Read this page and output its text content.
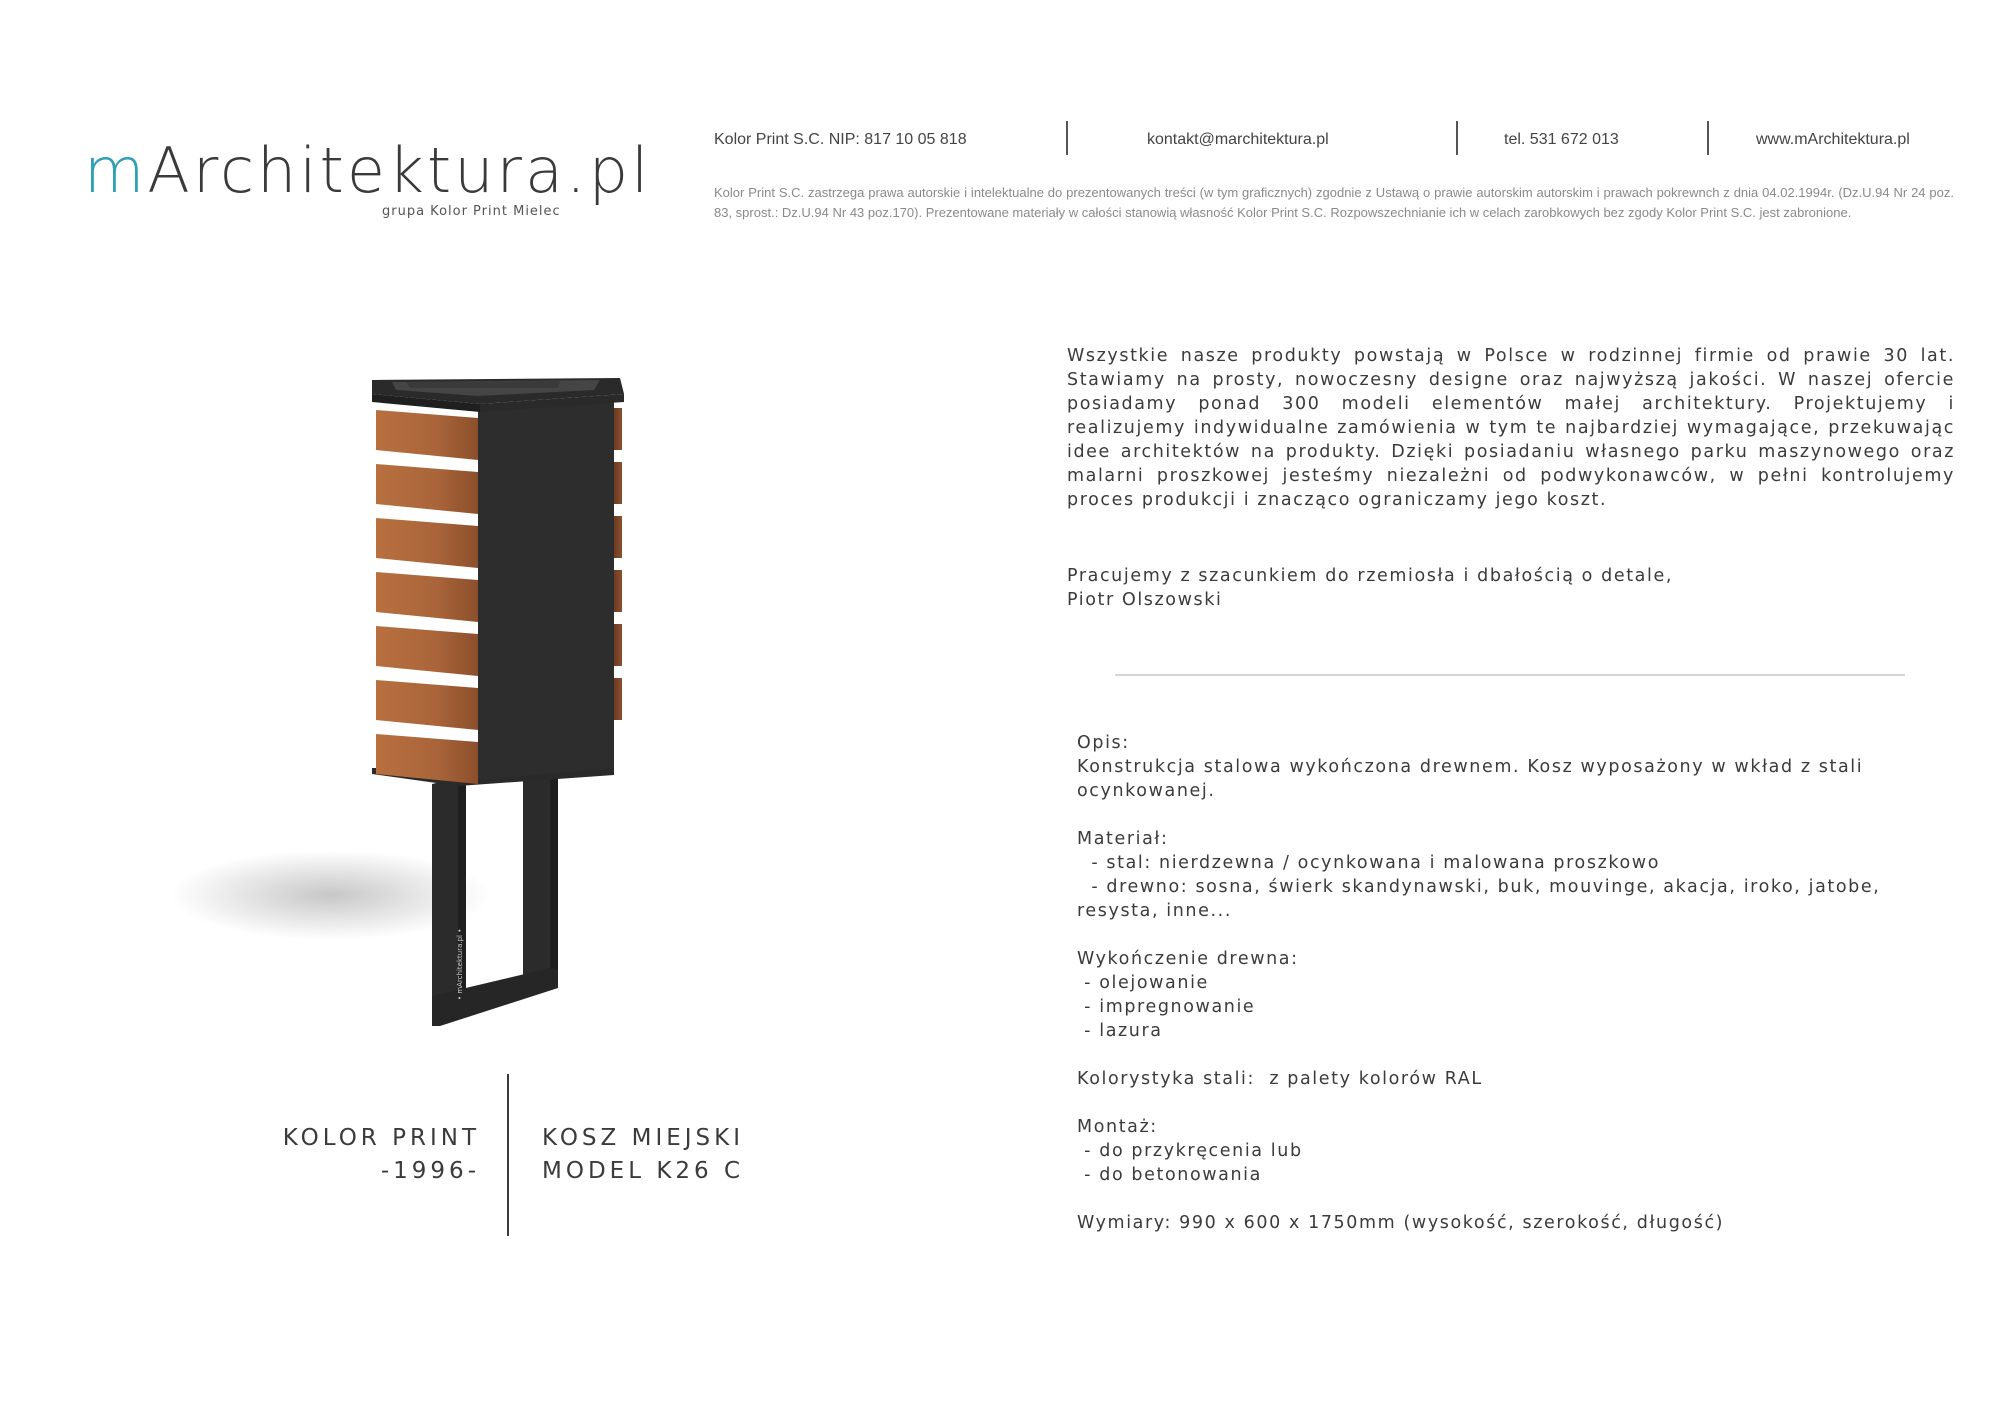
mArchitektura.pl
grupa Kolor Print Mielec
Kolor Print S.C. NIP: 817 10 05 818	kontakt@marchitektura.pl	tel. 531 672 013	www.mArchitektura.pl
Kolor Print S.C. zastrzega prawa autorskie i intelektualne do prezentowanych treści (w tym graficznych) zgodnie z Ustawą o prawie autorskim autorskim i prawach pokrewnch z dnia 04.02.1994r. (Dz.U.94 Nr 24 poz. 83, sprost.: Dz.U.94 Nr 43 poz.170). Prezentowane materiały w całości stanowią własność Kolor Print S.C. Rozpowszechnianie ich w celach zarobkowych bez zgody Kolor Print S.C. jest zabronione.
• mArchitektura.pl •
KOLOR PRINT
-1996-
KOSZ MIEJSKI
MODEL K26 C

Wszystkie nasze produkty powstają w Polsce w rodzinnej firmie od prawie 30 lat. Stawiamy na prosty, nowoczesny designe oraz najwyższą jakości. W naszej ofercie posiadamy ponad 300 modeli elementów małej architektury. Projektujemy i realizujemy indywidualne zamówienia w tym te najbardziej wymagające, przekuwając idee architektów na produkty. Dzięki posiadaniu własnego parku maszynowego oraz malarni proszkowej jesteśmy niezależni od podwykonawców, w pełni kontrolujemy proces produkcji i znacząco ograniczamy jego koszt.

Pracujemy z szacunkiem do rzemiosła i dbałością o detale,
Piotr Olszowski
Opis:
Konstrukcja stalowa wykończona drewnem. Kosz wyposażony w wkład z stali ocynkowanej.
Materiał:
- stal: nierdzewna / ocynkowana i malowana proszkowo
- drewno: sosna, świerk skandynawski, buk, mouvinge, akacja, iroko, jatobe, resysta, inne...
Wykończenie drewna:
- olejowanie
- impregnowanie
- lazura
Kolorystyka stali:  z palety kolorów RAL
Montaż:
- do przykręcenia lub
- do betonowania
Wymiary: 990 x 600 x 1750mm (wysokość, szerokość, długość)
